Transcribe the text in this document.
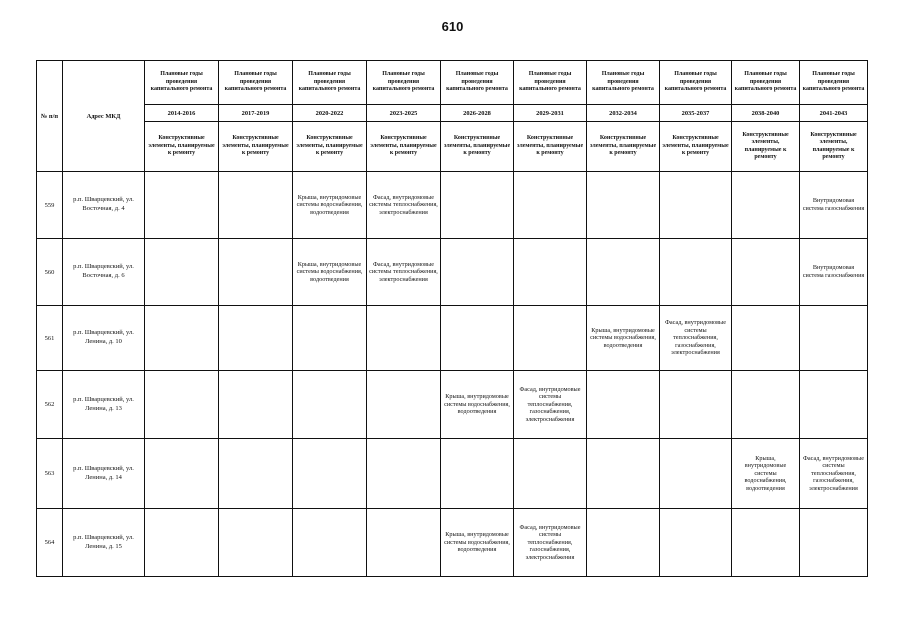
610
№ п/п	Адрес МКД	Плановые годы проведения капитального ремонта	Плановые годы проведения капитального ремонта	Плановые годы проведения капитального ремонта	Плановые годы проведения капитального ремонта	Плановые годы проведения капитального ремонта	Плановые годы проведения капитального ремонта	Плановые годы проведения капитального ремонта	Плановые годы проведения капитального ремонта	Плановые годы проведения капитального ремонта	Плановые годы проведения капитального ремонта
		2014-2016	2017-2019	2020-2022	2023-2025	2026-2028	2029-2031	2032-2034	2035-2037	2038-2040	2041-2043
		Конструктивные элементы, планируемые к ремонту	Конструктивные элементы, планируемые к ремонту	Конструктивные элементы, планируемые к ремонту	Конструктивные элементы, планируемые к ремонту	Конструктивные элементы, планируемые к ремонту	Конструктивные элементы, планируемые к ремонту	Конструктивные элементы, планируемые к ремонту	Конструктивные элементы, планируемые к ремонту	Конструктивные элементы, планируемые к ремонту	Конструктивные элементы, планируемые к ремонту
559	р.п. Шварцевский, ул. Восточная, д. 4			Крыша, внутридомовые системы водоснабжения, водоотведения	Фасад, внутридомовые системы теплоснабжения, электроснабжения						Внутридомовая система газоснабжения
560	р.п. Шварцевский, ул. Восточная, д. 6			Крыша, внутридомовые системы водоснабжения, водоотведения	Фасад, внутридомовые системы теплоснабжения, электроснабжения						Внутридомовая система газоснабжения
561	р.п. Шварцевский, ул. Ленина, д. 10							Крыша, внутридомовые системы водоснабжения, водоотведения	Фасад, внутридомовые системы теплоснабжения, газоснабжения, электроснабжения		
562	р.п. Шварцевский, ул. Ленина, д. 13					Крыша, внутридомовые системы водоснабжения, водоотведения	Фасад, внутридомовые системы теплоснабжения, газоснабжения, электроснабжения				
563	р.п. Шварцевский, ул. Ленина, д. 14									Крыша, внутридомовые системы водоснабжения, водоотведения	Фасад, внутридомовые системы теплоснабжения, газоснабжения, электроснабжения
564	р.п. Шварцевский, ул. Ленина, д. 15					Крыша, внутридомовые системы водоснабжения, водоотведения	Фасад, внутридомовые системы теплоснабжения, газоснабжения, электроснабжения				
